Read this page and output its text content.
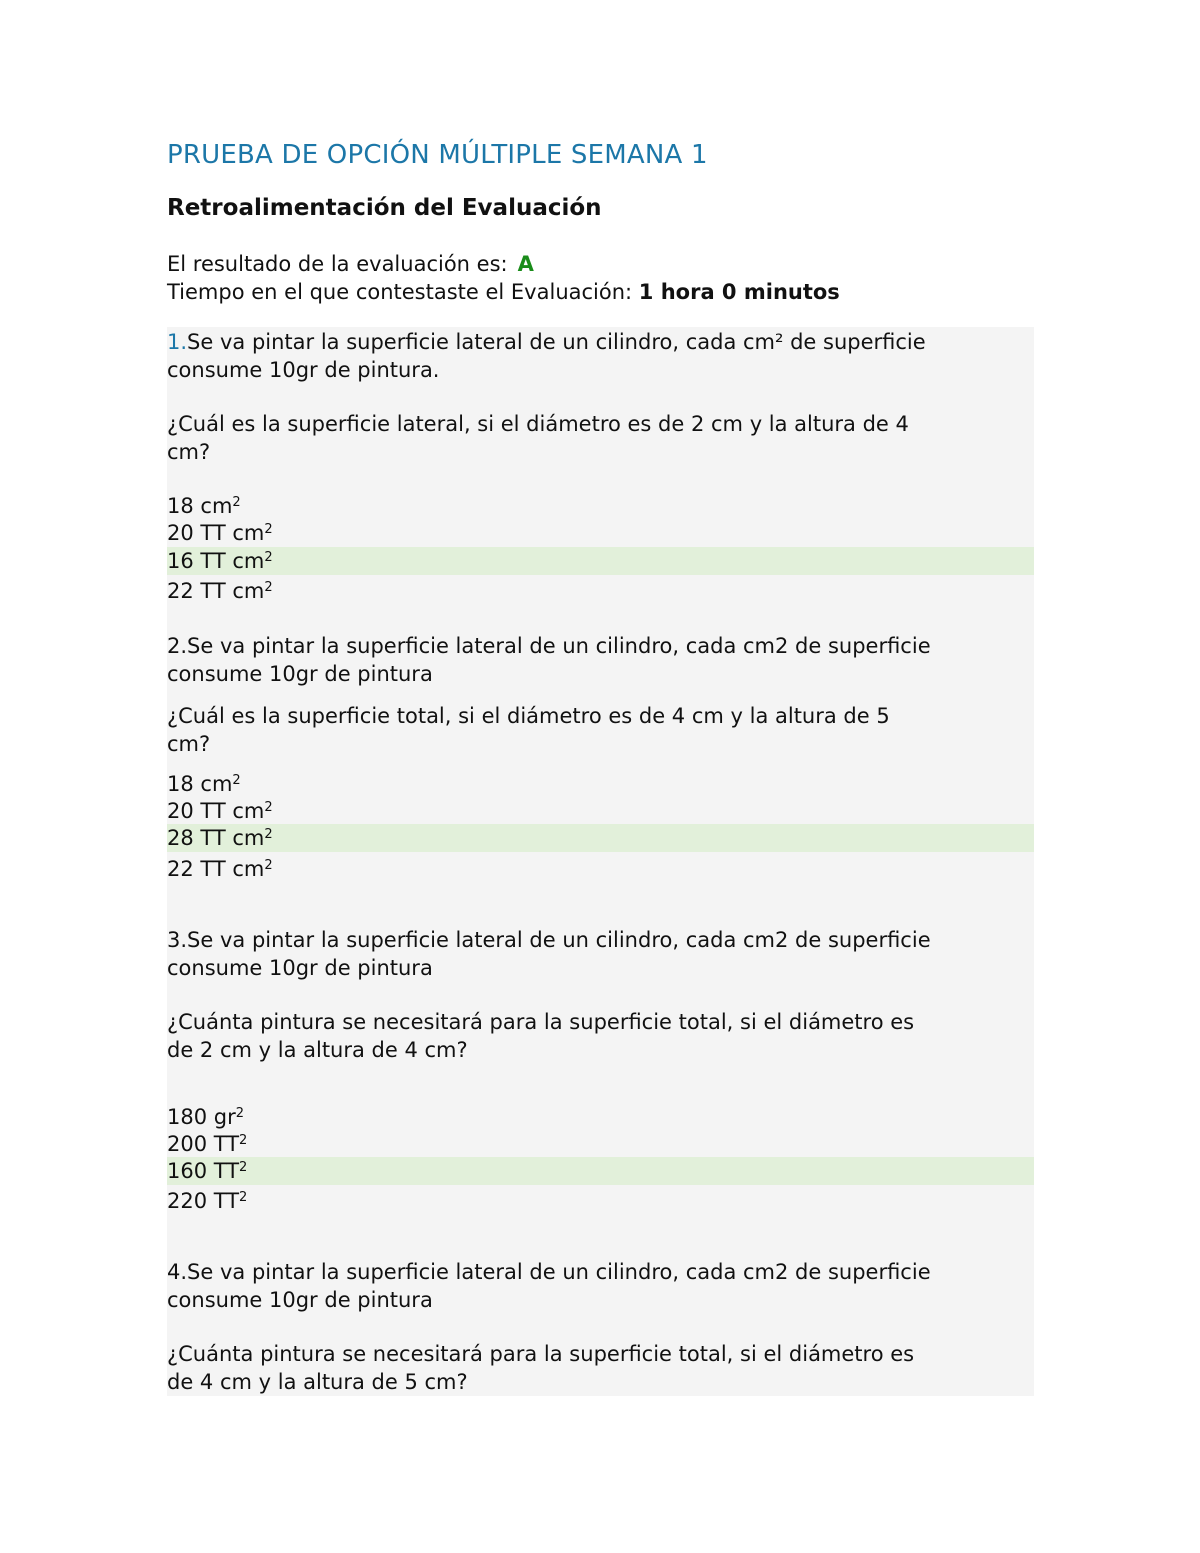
PRUEBA DE OPCIÓN MÚLTIPLE SEMANA 1
Retroalimentación del Evaluación
El resultado de la evaluación es: A
Tiempo en el que contestaste el Evaluación: 1 hora 0 minutos
1.Se va pintar la superficie lateral de un cilindro, cada cm² de superficie
consume 10gr de pintura.
¿Cuál es la superficie lateral, si el diámetro es de 2 cm y la altura de 4
cm?
18 $cm^2$
20 TT $cm^2$
16 TT $cm^2$
22 TT $cm^2$
2.Se va pintar la superficie lateral de un cilindro, cada cm2 de superficie
consume 10gr de pintura
¿Cuál es la superficie total, si el diámetro es de 4 cm y la altura de 5
cm?
18 $cm^2$
20 TT $cm^2$
28 TT $cm^2$
22 TT $cm^2$
3.Se va pintar la superficie lateral de un cilindro, cada cm2 de superficie
consume 10gr de pintura
¿Cuánta pintura se necesitará para la superficie total, si el diámetro es
de 2 cm y la altura de 4 cm?
180 $gr^2$
200 $TT^2$
160 $TT^2$
220 $TT^2$
4.Se va pintar la superficie lateral de un cilindro, cada cm2 de superficie
consume 10gr de pintura
¿Cuánta pintura se necesitará para la superficie total, si el diámetro es
de 4 cm y la altura de 5 cm?
